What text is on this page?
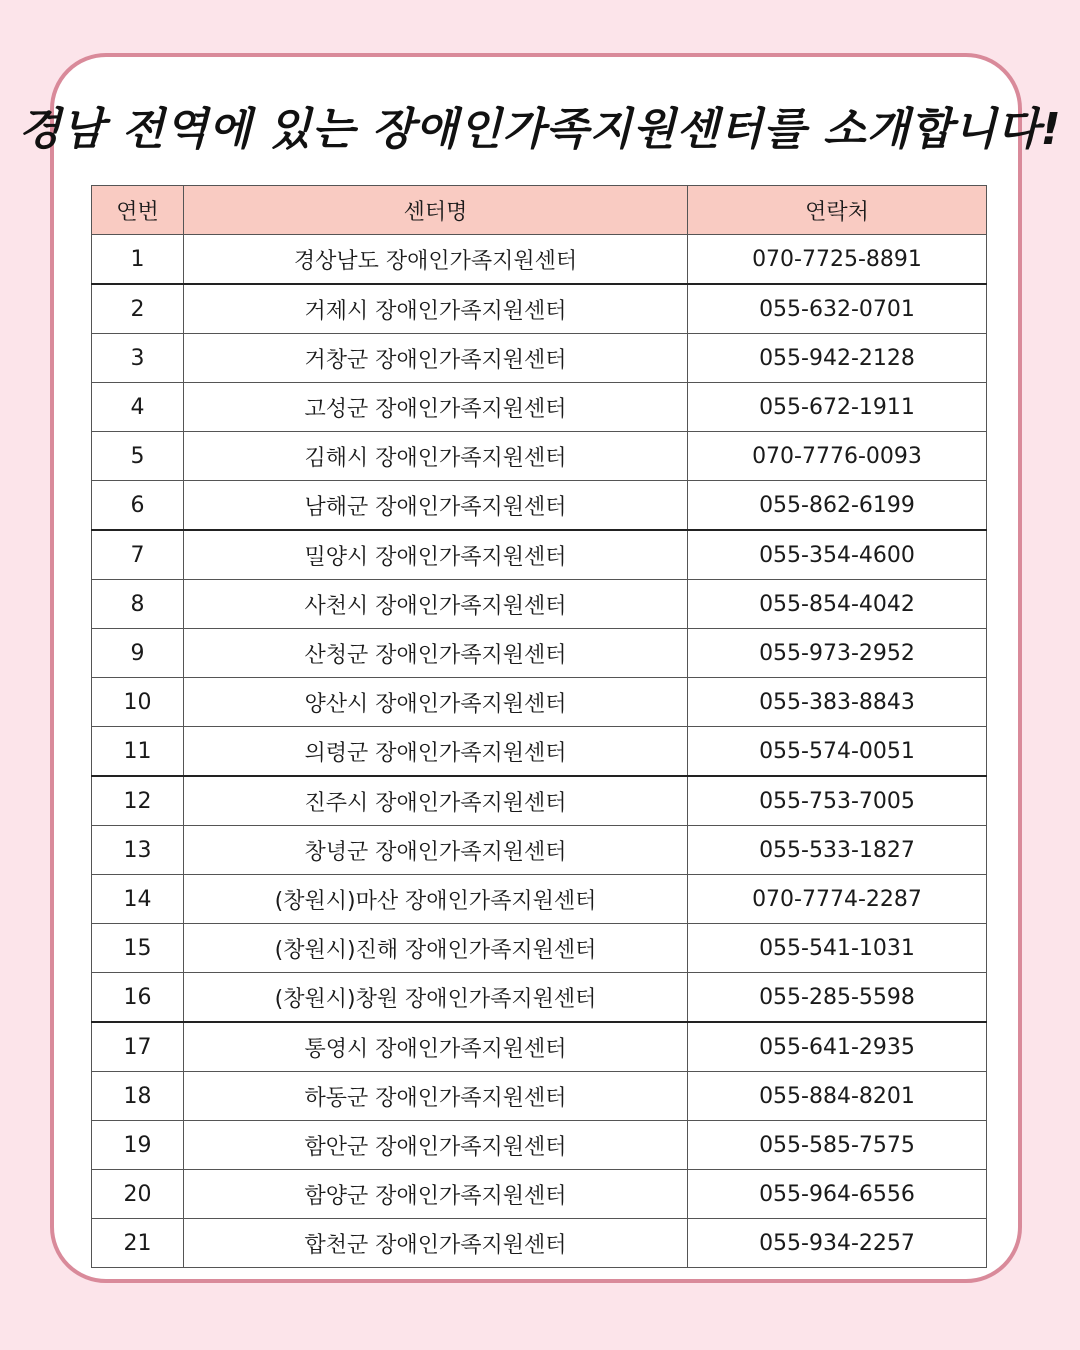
경남 전역에 있는 장애인가족지원센터를 소개합니다!
연번	센터명	연락처
1	경상남도 장애인가족지원센터	070-7725-8891
2	거제시 장애인가족지원센터	055-632-0701
3	거창군 장애인가족지원센터	055-942-2128
4	고성군 장애인가족지원센터	055-672-1911
5	김해시 장애인가족지원센터	070-7776-0093
6	남해군 장애인가족지원센터	055-862-6199
7	밀양시 장애인가족지원센터	055-354-4600
8	사천시 장애인가족지원센터	055-854-4042
9	산청군 장애인가족지원센터	055-973-2952
10	양산시 장애인가족지원센터	055-383-8843
11	의령군 장애인가족지원센터	055-574-0051
12	진주시 장애인가족지원센터	055-753-7005
13	창녕군 장애인가족지원센터	055-533-1827
14	(창원시)마산 장애인가족지원센터	070-7774-2287
15	(창원시)진해 장애인가족지원센터	055-541-1031
16	(창원시)창원 장애인가족지원센터	055-285-5598
17	통영시 장애인가족지원센터	055-641-2935
18	하동군 장애인가족지원센터	055-884-8201
19	함안군 장애인가족지원센터	055-585-7575
20	함양군 장애인가족지원센터	055-964-6556
21	합천군 장애인가족지원센터	055-934-2257
